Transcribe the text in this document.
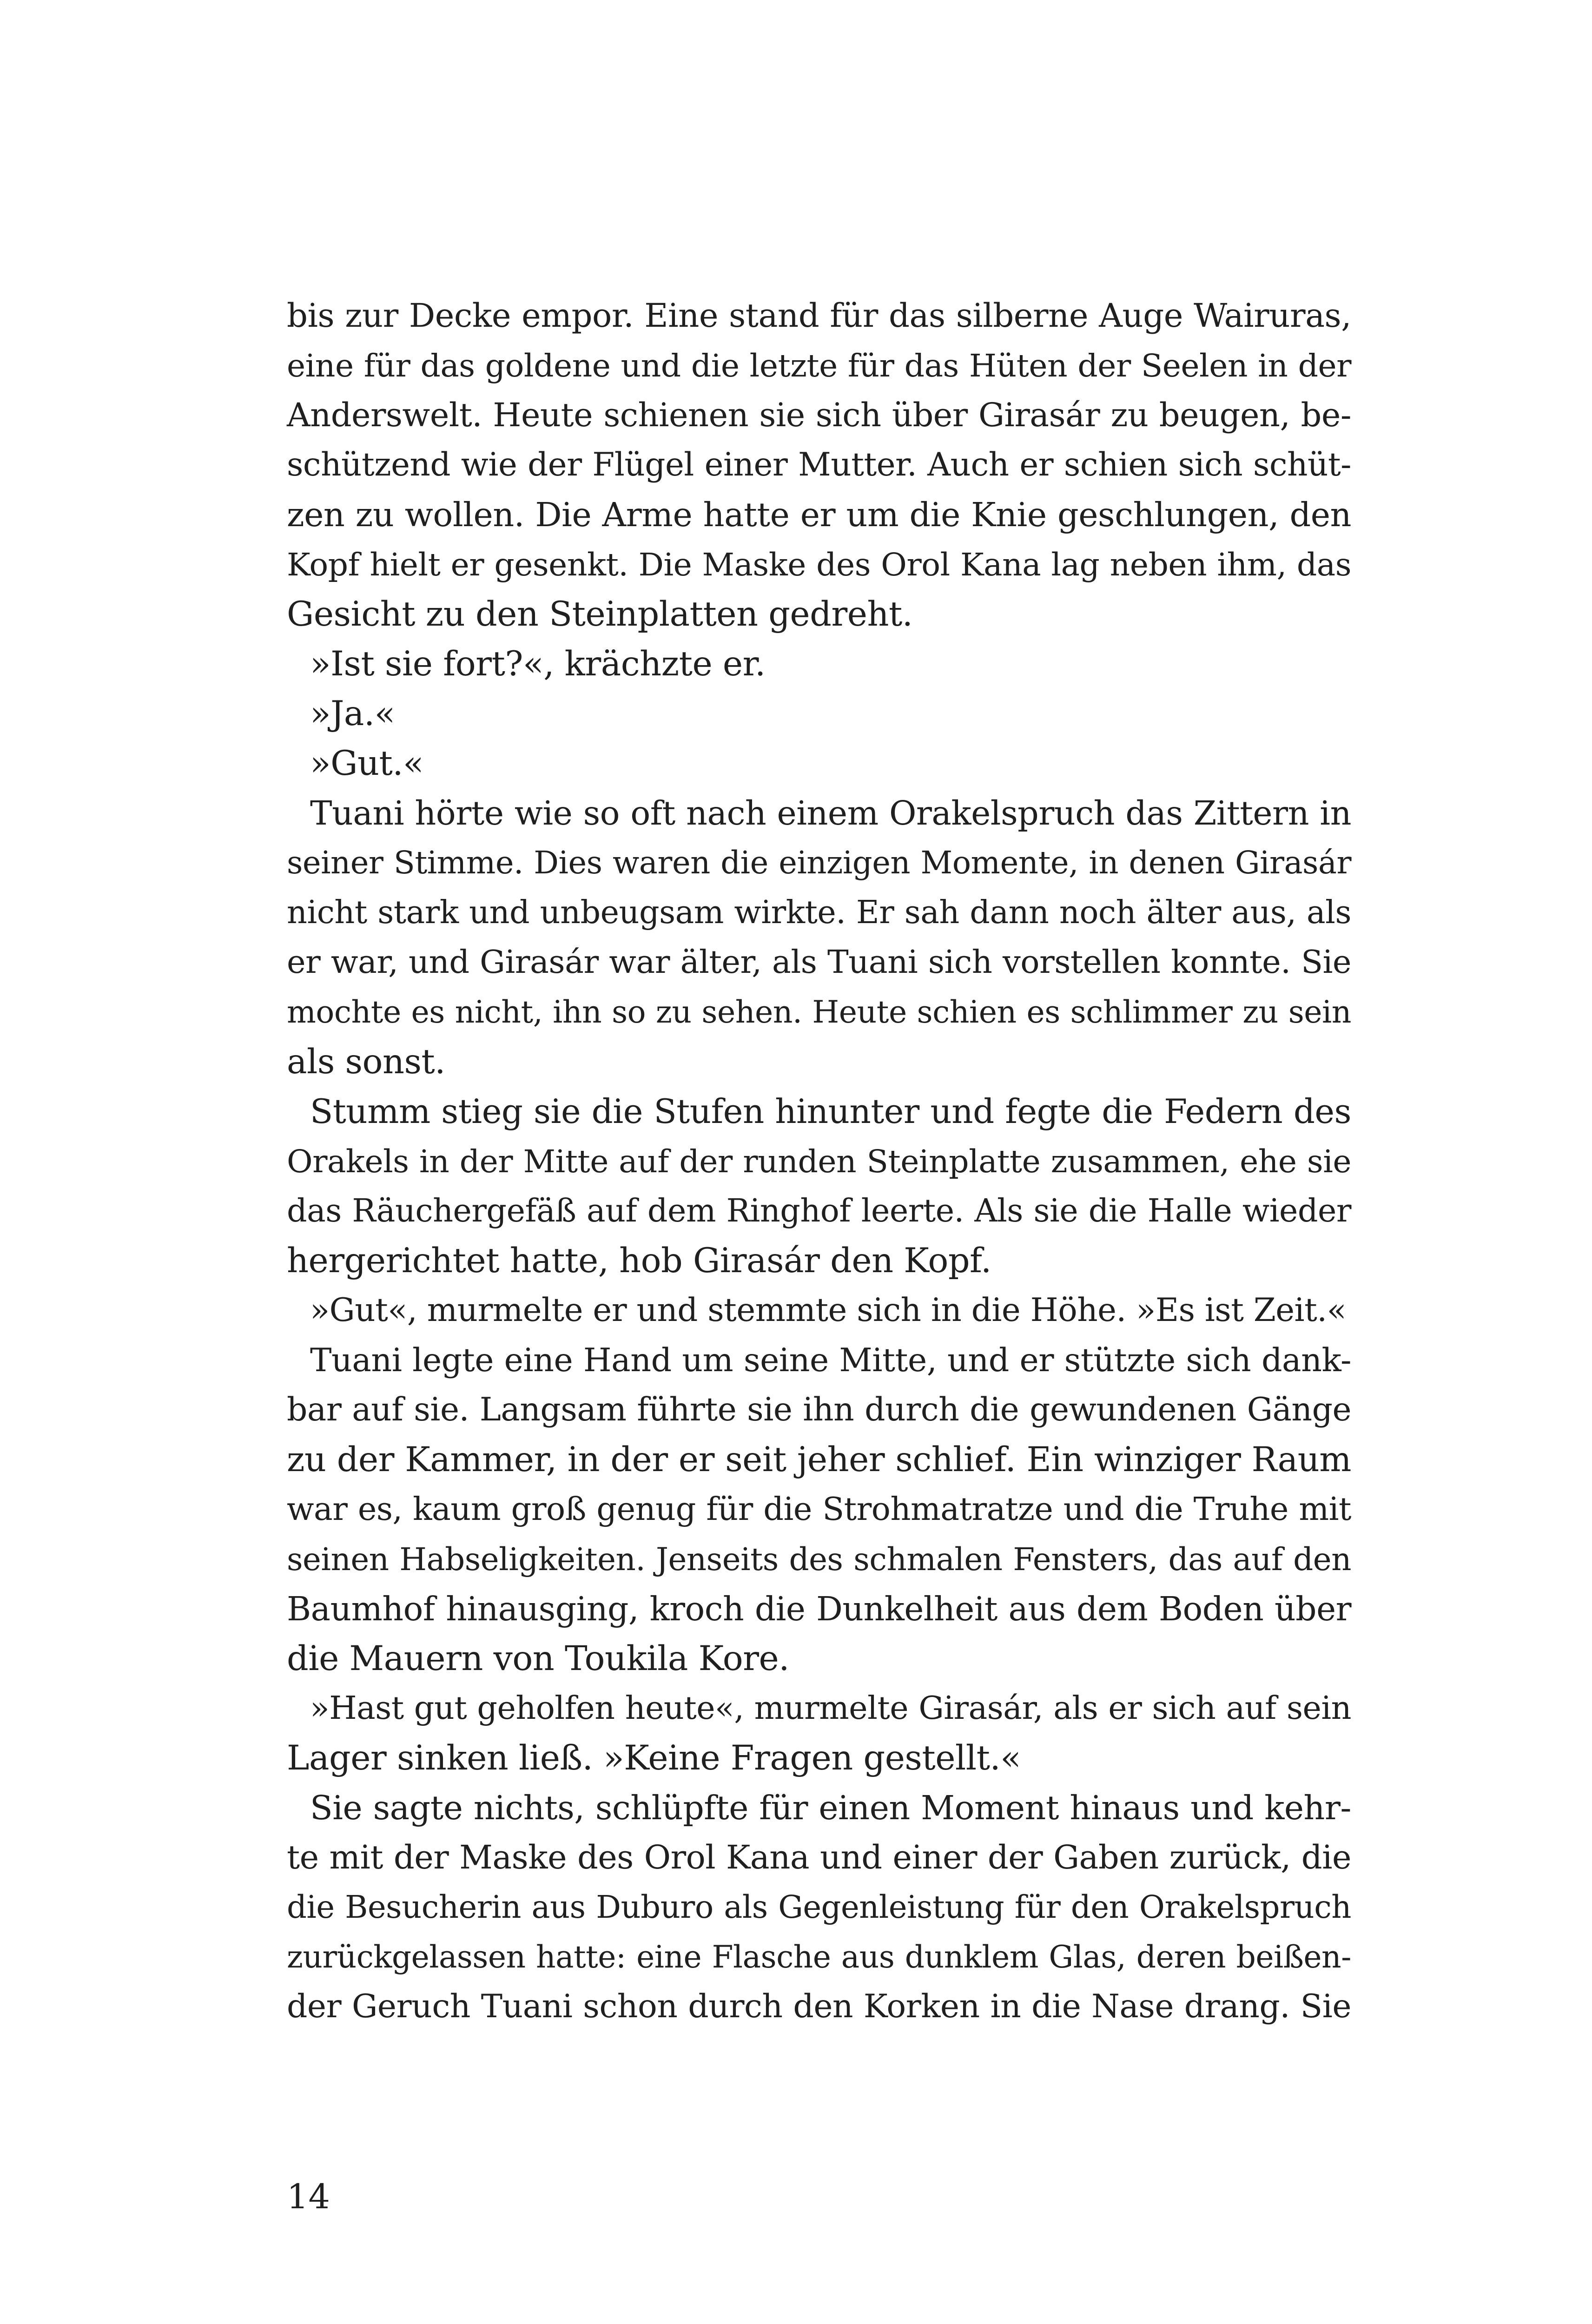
bis zur Decke empor. Eine stand für das silberne Auge Wairuras,
eine für das goldene und die letzte für das Hüten der Seelen in der
Anderswelt. Heute schienen sie sich über Girasár zu beugen, be-
schützend wie der Flügel einer Mutter. Auch er schien sich schüt-
zen zu wollen. Die Arme hatte er um die Knie geschlungen, den
Kopf hielt er gesenkt. Die Maske des Orol Kana lag neben ihm, das
Gesicht zu den Steinplatten gedreht.
»Ist sie fort?«, krächzte er.
»Ja.«
»Gut.«
Tuani hörte wie so oft nach einem Orakelspruch das Zittern in
seiner Stimme. Dies waren die einzigen Momente, in denen Girasár
nicht stark und unbeugsam wirkte. Er sah dann noch älter aus, als
er war, und Girasár war älter, als Tuani sich vorstellen konnte. Sie
mochte es nicht, ihn so zu sehen. Heute schien es schlimmer zu sein
als sonst.
Stumm stieg sie die Stufen hinunter und fegte die Federn des
Orakels in der Mitte auf der runden Steinplatte zusammen, ehe sie
das Räuchergefäß auf dem Ringhof leerte. Als sie die Halle wieder
hergerichtet hatte, hob Girasár den Kopf.
»Gut«, murmelte er und stemmte sich in die Höhe. »Es ist Zeit.«
Tuani legte eine Hand um seine Mitte, und er stützte sich dank-
bar auf sie. Langsam führte sie ihn durch die gewundenen Gänge
zu der Kammer, in der er seit jeher schlief. Ein winziger Raum
war es, kaum groß genug für die Strohmatratze und die Truhe mit
seinen Habseligkeiten. Jenseits des schmalen Fensters, das auf den
Baumhof hinausging, kroch die Dunkelheit aus dem Boden über
die Mauern von Toukila Kore.
»Hast gut geholfen heute«, murmelte Girasár, als er sich auf sein
Lager sinken ließ. »Keine Fragen gestellt.«
Sie sagte nichts, schlüpfte für einen Moment hinaus und kehr-
te mit der Maske des Orol Kana und einer der Gaben zurück, die
die Besucherin aus Duburo als Gegenleistung für den Orakelspruch
zurückgelassen hatte: eine Flasche aus dunklem Glas, deren beißen-
der Geruch Tuani schon durch den Korken in die Nase drang. Sie
14
